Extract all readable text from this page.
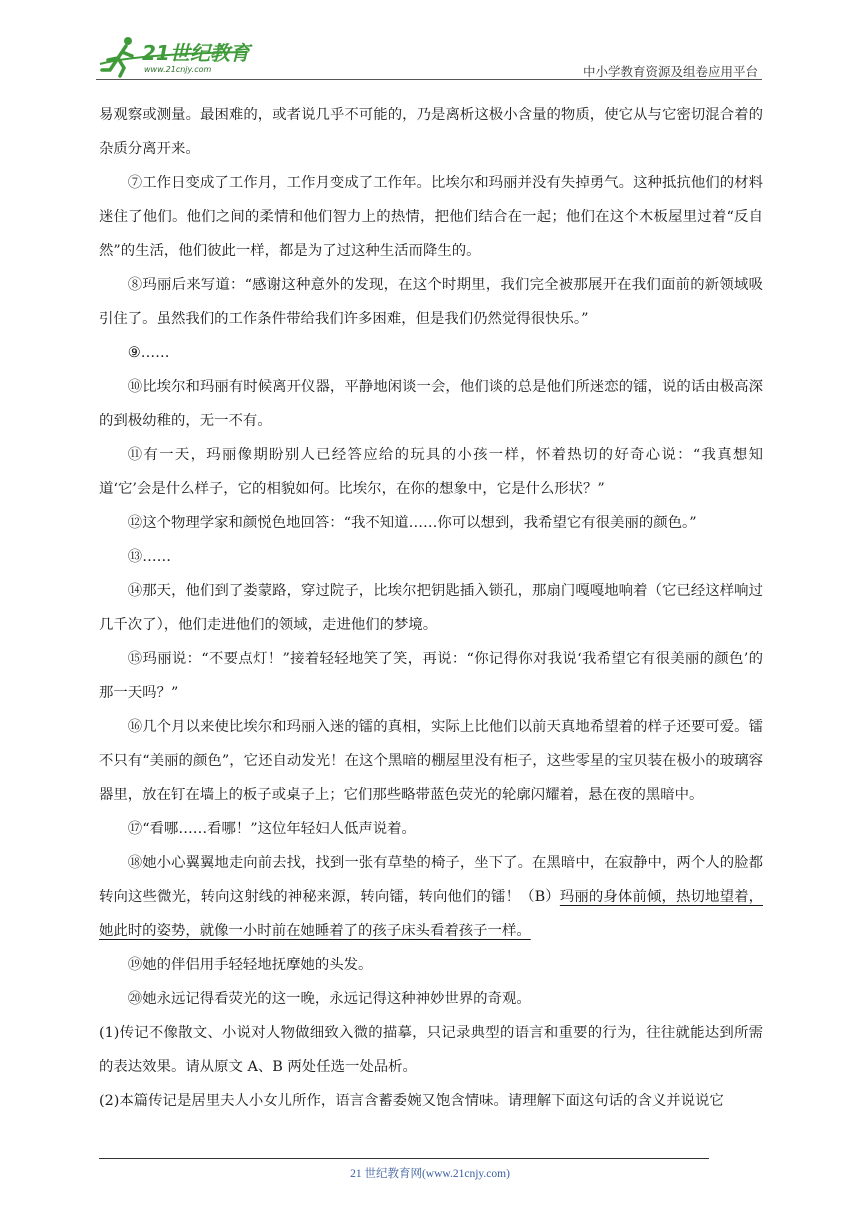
21世纪教育
www.21cnjy.com	中小学教育资源及组卷应用平台

易观察或测量。最困难的，或者说几乎不可能的，乃是离析这极小含量的物质，使它从与它密切混合着的杂质分离开来。

⑦工作日变成了工作月，工作月变成了工作年。比埃尔和玛丽并没有失掉勇气。这种抵抗他们的材料迷住了他们。他们之间的柔情和他们智力上的热情，把他们结合在一起；他们在这个木板屋里过着“反自然”的生活，他们彼此一样，都是为了过这种生活而降生的。

⑧玛丽后来写道：“感谢这种意外的发现，在这个时期里，我们完全被那展开在我们面前的新领域吸引住了。虽然我们的工作条件带给我们许多困难，但是我们仍然觉得很快乐。”

⑨……

⑩比埃尔和玛丽有时候离开仪器，平静地闲谈一会，他们谈的总是他们所迷恋的镭，说的话由极高深的到极幼稚的，无一不有。

⑪有一天，玛丽像期盼别人已经答应给的玩具的小孩一样，怀着热切的好奇心说：“我真想知道‘它’会是什么样子，它的相貌如何。比埃尔，在你的想象中，它是什么形状？”

⑫这个物理学家和颜悦色地回答：“我不知道……你可以想到，我希望它有很美丽的颜色。”

⑬……

⑭那天，他们到了娄蒙路，穿过院子，比埃尔把钥匙插入锁孔，那扇门嘎嘎地响着（它已经这样响过几千次了），他们走进他们的领域，走进他们的梦境。

⑮玛丽说：“不要点灯！”接着轻轻地笑了笑，再说：“你记得你对我说‘我希望它有很美丽的颜色’的那一天吗？”

⑯几个月以来使比埃尔和玛丽入迷的镭的真相，实际上比他们以前天真地希望着的样子还要可爱。镭不只有“美丽的颜色”，它还自动发光！在这个黑暗的棚屋里没有柜子，这些零星的宝贝装在极小的玻璃容器里，放在钉在墙上的板子或桌子上；它们那些略带蓝色荧光的轮廓闪耀着，悬在夜的黑暗中。

⑰“看哪……看哪！”这位年轻妇人低声说着。

⑱她小心翼翼地走向前去找，找到一张有草垫的椅子，坐下了。在黑暗中，在寂静中，两个人的脸都转向这些微光，转向这射线的神秘来源，转向镭，转向他们的镭！（B）玛丽的身体前倾，热切地望着，她此时的姿势，就像一小时前在她睡着了的孩子床头看着孩子一样。

⑲她的伴侣用手轻轻地抚摩她的头发。

⑳她永远记得看荧光的这一晚，永远记得这种神妙世界的奇观。

(1)传记不像散文、小说对人物做细致入微的描摹，只记录典型的语言和重要的行为，往往就能达到所需的表达效果。请从原文 A、B 两处任选一处品析。

(2)本篇传记是居里夫人小女儿所作，语言含蓄委婉又饱含情味。请理解下面这句话的含义并说说它

21 世纪教育网(www.21cnjy.com)
